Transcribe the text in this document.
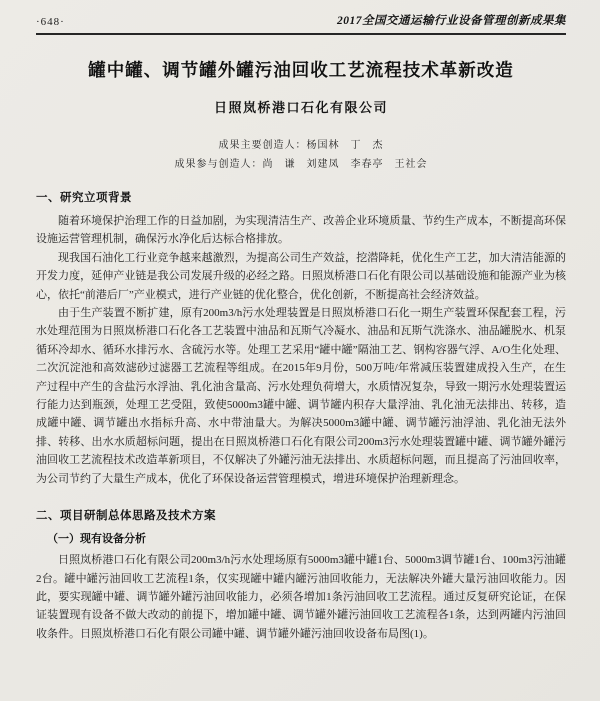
·648·	2017全国交通运输行业设备管理创新成果集
罐中罐、调节罐外罐污油回收工艺流程技术革新改造
日照岚桥港口石化有限公司

成果主要创造人：杨国林　丁　杰

成果参与创造人：尚　谦　刘建凤　李春亭　王社会

一、研究立项背景

随着环境保护治理工作的日益加剧，为实现清洁生产、改善企业环境质量、节约生产成本，不断提高环保设施运营管理机制，确保污水净化后达标合格排放。

现我国石油化工行业竞争越来越激烈，为提高公司生产效益，挖潜降耗，优化生产工艺，加大清洁能源的开发力度，延伸产业链是我公司发展升级的必经之路。日照岚桥港口石化有限公司以基础设施和能源产业为核心，依托“前港后厂”产业模式，进行产业链的优化整合，优化创新，不断提高社会经济效益。

由于生产装置不断扩建，原有200m3/h污水处理装置是日照岚桥港口石化一期生产装置环保配套工程，污水处理范围为日照岚桥港口石化各工艺装置中油品和瓦斯气冷凝水、油品和瓦斯气洗涤水、油品罐脱水、机泵循环冷却水、循环水排污水、含硫污水等。处理工艺采用“罐中罐”隔油工艺、钢构容器气浮、A/O生化处理、二次沉淀池和高效滤砂过滤器工艺流程等组成。在2015年9月份，500万吨/年常减压装置建成投入生产，在生产过程中产生的含盐污水浮油、乳化油含量高、污水处理负荷增大，水质情况复杂，导致一期污水处理装置运行能力达到瓶颈，处理工艺受阻，致使5000m3罐中罐、调节罐内积存大量浮油、乳化油无法排出、转移，造成罐中罐、调节罐出水指标升高、水中带油量大。为解决5000m3罐中罐、调节罐污油浮油、乳化油无法外排、转移、出水水质超标问题，提出在日照岚桥港口石化有限公司200m3污水处理装置罐中罐、调节罐外罐污油回收工艺流程技术改造革新项目，不仅解决了外罐污油无法排出、水质超标问题，而且提高了污油回收率，为公司节约了大量生产成本，优化了环保设备运营管理模式，增进环境保护治理新理念。

二、项目研制总体思路及技术方案
（一）现有设备分析

日照岚桥港口石化有限公司200m3/h污水处理场原有5000m3罐中罐1台、5000m3调节罐1台、100m3污油罐2台。罐中罐污油回收工艺流程1条，仅实现罐中罐内罐污油回收能力，无法解决外罐大量污油回收能力。因此，要实现罐中罐、调节罐外罐污油回收能力，必须各增加1条污油回收工艺流程。通过反复研究论证，在保证装置现有设备不做大改动的前提下，增加罐中罐、调节罐外罐污油回收工艺流程各1条，达到两罐内污油回收条件。日照岚桥港口石化有限公司罐中罐、调节罐外罐污油回收设备布局图(1)。
